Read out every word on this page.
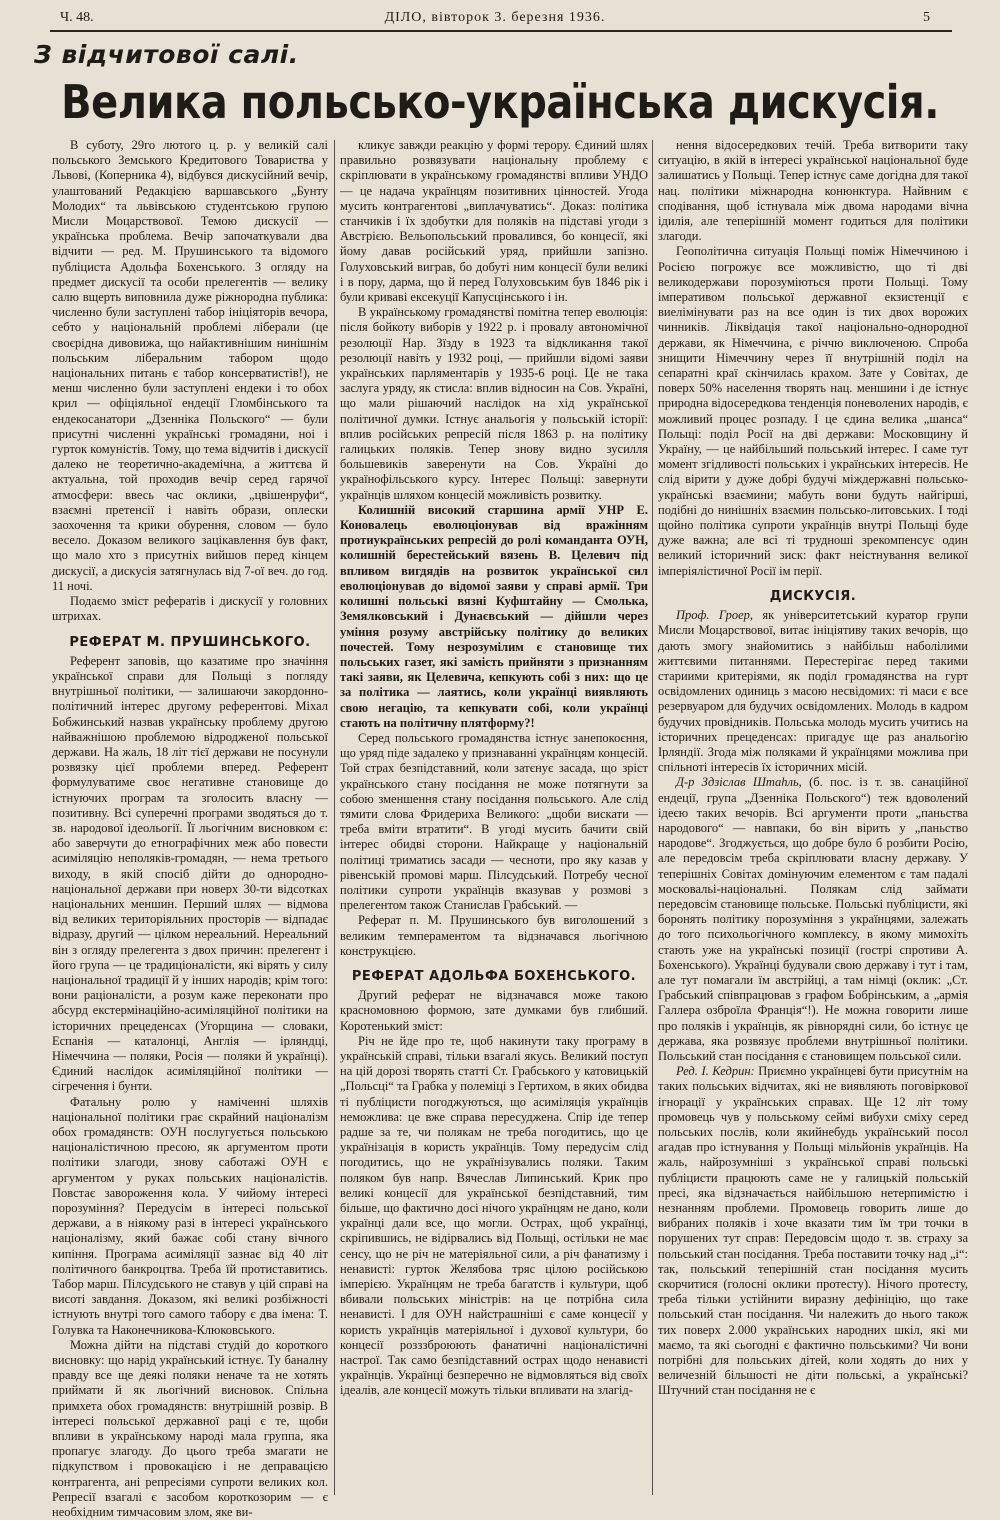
Ч. 48.	ДІЛО, вівторок 3. березня 1936.	5
З відчитової салі.
Велика польсько-українська дискусія.

В суботу, 29го лютого ц. р. у великій салі польського Земського Кредитового Товариства у Львові, (Коперника 4), відбувся дискусійний вечір, улаштований Редакцією варшавського „Бунту Молодих“ та львівською студентською групою Мисли Моцарствової. Темою дискусії — українська проблема. Вечір започаткували два відчити — ред. М. Прушинського та відомого публіциста Адольфа Бохенського. З огляду на предмет дискусії та особи прелегентів — велику салю вщерть виповнила дуже ріжнородна публика: численно були заступлені табор ініціяторів вечора, себто у національній проблемі ліберали (це своєрідна дивовижа, що найактивнішим нинішнім польським ліберальним табором щодо національних питань є табор консерватистів!), не менш численно були заступлені ендеки і то обох крил — офіціяльної ендеції Гломбінського та ендекосанатори „Дзенніка Польского“ — були присутні численні українські громадяни, ноі і гурток комуністів. Тому, що тема відчитів і дискусії далеко не теоретично-академічна, а життєва й актуальна, той проходив вечір серед гарячої атмосфери: ввесь час оклики, „цвішенруфи“, взаємні претенсії і навіть образи, оплески заохочення та крики обурення, словом — було весело. Доказом великого зацікавлення був факт, що мало хто з присутніх вийшов перед кінцем дискусії, а дискусія затягнулась від 7-ої веч. до год. 11 ночі.

Подаємо зміст рефератів і дискусії у головних штрихах.

РЕФЕРАТ М. ПРУШИНСЬКОГО.

Референт заповів, що казатиме про значіння української справи для Польщі з погляду внутрішньої політики, — залишаючи закордонно-політичний інтерес другому референтові. Міхал Бобжинський назвав українську проблему другою найважнішою проблемою відродженої польської держави. На жаль, 18 літ тієї держави не посунули розвязку цієї проблеми вперед. Референт формулуватиме своє негативне становище до істнуючих програм та зголосить власну — позитивну. Всі суперечні програми зводяться до т. зв. народової ідеольогії. Її льогічним висновком є: або заверчути до етнографічних меж або повести асиміляцію неполяків-громадян, — нема третього виходу, в якій спосіб дійти до однородно-національної держави при новерх 30-ти відсотках національних меншин. Перший шлях — відмова від великих територіяльних просторів — відпадає відразу, другий — цілком нереальний. Нереальний він з огляду прелегента з двох причин: прелегент і його група — це традиціоналісти, які вірять у силу національної традиції й у інших народів; крім того: вони раціоналісти, а розум каже переконати про абсурд екстермінаційно-асиміляційної політики на історичних прецеденсах (Угорщина — словаки, Еспанія — каталонці, Англія — ірляндці, Німеччина — поляки, Росія — поляки й українці). Єдиний наслідок асиміляційної політики — сігречення і бунти.

Фатальну ролю у наміченні шляхів національної політики грає скрайний націоналізм обох громадянств: ОУН послугується польською націоналістичною пресою, як аргументом проти політики злагоди, знову саботажі ОУН є аргументом у руках польських націоналістів. Повстає завороження кола. У чийому інтересі порозуміння? Передусім в інтересі польської держави, а в ніякому разі в інтересі українського націоналізму, який бажає собі стану вічного кипіння. Програма асиміляції зазнає від 40 літ політичного банкроцтва. Треба їй протиставитись. Табор марш. Пілсудського не ставув у цій справі на висоті завдання. Доказом, які великі розбіжності істнують внутрі того самого табору є два імена: Т. Голувка та Наконечникова-Клюковського.

Можна дійти на підставі студій до короткого висновку: що нарід український істнує. Ту баналну правду все ще деякі поляки неначе та не хотять приймати й як льогічний висновок. Спільна примхета обох громадянств: внутрішній розвір. В інтересі польської державної раці є те, щоби впливи в українському народі мала группа, яка пропагує злагоду. До цього треба змагати не підкупством і провокацією і не деправацією контрагента, ані репресіями супроти великих кол. Репресії взагалі є засобом короткозорим — є необхідним тимчасовим злом, яке ви-

кликує завжди реакцію у формі терору. Єдиний шлях правильно розвязувати національну проблему є скріплювати в українському громадянстві впливи УНДО — це надача українцям позитивних цінностей. Угода мусить контрагентові „виплачуватись“. Доказ: політика станчиків і їх здобутки для поляків на підставі угоди з Австрією. Вельопольський провалився, бо концесії, які йому давав російський уряд, прийшли запізно. Голуховський виграв, бо добуті ним концесії були великі і в пору, дарма, що й перед Голуховським був 1846 рік і були криваві ексекуції Капусцінського і ін.

В українському громадянстві помітна тепер еволюція: після бойкоту виборів у 1922 р. і провалу автономічної резолюції Нар. Зїзду в 1923 та відкликання такої резолюції навіть у 1932 році, — прийшли відомі заяви українських парляментарів у 1935-6 році. Це не така заслуга уряду, як стисла: вплив відносин на Сов. Україні, що мали рішаючий наслідок на хід української політичної думки. Істнує анальогія у польській історії: вплив російських репресій після 1863 р. на політику галицьких поляків. Тепер знову видно зусилля большевиків заверенути на Сов. Україні до українофільського курсу. Інтерес Польщі: завернути українців шляхом концесій можливість розвитку.

Колишній високий старшина армії УНР Е. Коновалець еволюціонував від вражінням протиукраїнських репресій до ролі команданта ОУН, колишній берестейський вязень В. Целевич під впливом вигдядів на розвиток української сил еволюціонував до відомої заяви у справі армії. Три колишні польські вязні Куфштайну — Смолька, Земялковський і Дунаєвський — дійшли через уміння розуму австрійську політику до великих почестей. Тому незрозумілим є становище тих польських газет, які замість прийняти з признанням такі заяви, як Целевича, кепкують собі з них: що це за політика — лаятись, коли українці виявляють свою негацію, та кепкувати собі, коли українці стають на політичну плятформу?!

Серед польського громадянства істнує занепокоєння, що уряд піде задалеко у признаванні українцям концесій. Той страх безпідставний, коли затєнує засада, що зріст українського стану посідання не може потягнути за собою зменшення стану посідання польського. Але слід тямити слова Фридериха Великого: „щоби вискати — треба вміти втратити“. В угоді мусить бачити свій інтерес обидві сторони. Найкраще у національній політиці триматись засади — чесноти, про яку казав у рівенській промові марш. Пілсудський. Потребу чесної політики супроти українців вказував у розмові з прелегентом також Станислав Грабський. —

Реферат п. М. Прушинського був виголошений з великим темпераментом та відзначався льогічною конструкцією.

РЕФЕРАТ АДОЛЬФА БОХЕНСЬКОГО.

Другий реферат не відзначався може такою красномовною формою, зате думками був глибший. Коротенький зміст:

Річ не йде про те, щоб накинути таку програму в українській справі, тільки взагалі якусь. Великий поступ на цій дорозі творять статті Ст. Грабського у катовицькій „Польсці“ та Грабка у полеміці з Гертихом, в яких обидва ті публіцисти погоджуються, що асиміляція українців неможлива: це вже справа пересуджена. Спір іде тепер радше за те, чи полякам не треба погодитись, що це українізація в користь українців. Тому передусім слід погодитись, що не українізувались поляки. Таким поляком був напр. Вячеслав Липинський. Крик про великі концесії для української безпідставний, тим більше, що фактично досі нічого українцям не дано, коли українці дали все, що могли. Острах, щоб українці, скріпившись, не відірвались від Польщі, остільки не має сенсу, що не річ не матеріяльної сили, а річ фанатизму і ненависті: гурток Желябова тряс цілою російською імперією. Українцям не треба багатств і культури, щоб вбивали польських міністрів: на це потрібна сила ненависті. І для ОУН найстрашніші є саме концесії у користь українців матеріяльної і духової культури, бо концесії розззброюють фанатичні націоналістичні настрої. Так само безпідставний острах щодо ненависті українців. Українці безперечно не відмовляться від своїх ідеалів, але концесії можуть тільки впливати на злагід-

нення відосередкових течій. Треба витворити таку ситуацію, в якій в інтересі української національної буде залишатись у Польщі. Тепер істнує саме догідна для такої нац. політики міжнародна конюнктура. Найвним є сподівання, щоб істнувала між двома народами вічна ідилія, але теперішній момент годиться для політики злагоди.

Геополітична ситуація Польщі поміж Німеччиною і Росією погрожує все можливістю, що ті дві великодержави порозуміються проти Польщі. Тому імперативом польської державної екзистенції є виелімінувати раз на все один із тих двох ворожих чинників. Ліквідація такої національно-однородної держави, як Німеччина, є річчю виключеною. Спроба знищити Німеччину через її внутрішній поділ на сепаратні краї скінчилась крахом. Зате у Совітах, де поверх 50% населення творять нац. меншини і де істнує природна відосередкова тенденція поневолених народів, є можливий процес розпаду. І це єдина велика „шанса“ Польщі: поділ Росії на дві держави: Московщину й Україну, — це найбільший польський інтерес. І саме тут момент згідливості польських і українських інтересів. Не слід вірити у дуже добрі будучі міждержавні польсько-українські взаємини; мабуть вони будуть найгірші, подібні до нинішніх взаємин польсько-литовських. І тоді щойно політика супроти українців внутрі Польщі буде дуже важна; але всі ті трудноші зрекомпенсує один великий історичний зиск: факт неістнування великої імперіялістичної Росії ім перії.

ДИСКУСІЯ.

Проф. Гроер, як університетський куратор групи Мисли Моцарствової, витає ініціятиву таких вечорів, що дають змогу знайомитись з найбільш наболілими життєвими питаннями. Перестерігає перед такими стариими критеріями, як поділ громадянства на гурт освідомлених одиниць з масою несвідомих: ті маси є все резервуаром для будучих освідомлених. Молодь в кадром будучих провідників. Польська молодь мусить учитись на історичних прецеденсах: пригадує ще раз анальогію Ірляндії. Згода між поляками й українцями можлива при спільноті інтересів їх історичних місій.

Д-р Здзіслав Штаhль, (б. пос. із т. зв. санаційної ендеції, група „Дзенніка Польского“) теж вдоволений ідеєю таких вечорів. Всі аргументи проти „паньства народового“ — навпаки, бо він вірить у „паньство народове“. Згоджується, що добре було б розбити Росію, але передовсім треба скріплювати власну державу. У теперішніх Совітах домінуючим елементом є там падалі московальі-національні. Полякам слід займати передовсім становище польське. Польські публіцисти, які боронять політику порозуміння з українцями, залежать до того психольогічного комплексу, в якому мимохіть стають уже на українські позиції (гострі спротиви А. Бохенського). Українці будували свою державу і тут і там, але тут помагали їм австрійці, а там німці (оклик: „Ст. Грабський співпрацював з графом Бобрінським, а „армія Галлера озброїла Франція“!). Не можна говорити лише про поляків і українців, як рівнорядні сили, бо істнує це держава, яка розвязує проблеми внутрішньої політики. Польський стан посідання є становищем польської сили.

Ред. І. Кедрин: Приємно українцеві бути присутнім на таких польських відчитах, які не виявляють поговіркової ігнорації у українських справах. Ще 12 літ тому промовець чув у польському сеймі вибухи сміху серед польських послів, коли якийнебудь український посол агадав про істнування у Польщі мільйонів українців. На жаль, найрозумніші з української справі польські публіцисти працюють саме не у галицькій польській пресі, яка відзначається найбільшою нетерпимістю і незнанням проблеми. Промовець говорить лише до вибраних поляків і хоче вказати тим їм три точки в порушених тут справ: Передовсім щодо т. зв. страху за польський стан посідання. Треба поставити точку над „і“: так, польський теперішній стан посідання мусить скорчитися (голосні оклики протесту). Нічого протесту, треба тільки устійнити виразну дефініцію, що таке польський стан посідання. Чи належить до нього також тих поверх 2.000 українських народних шкіл, які ми маємо, та які сьогодні є фактично польськими? Чи вони потрібні для польських дітей, коли ходять до них у величезній більшості не діти польські, а українські? Штучний стан посідання не є
